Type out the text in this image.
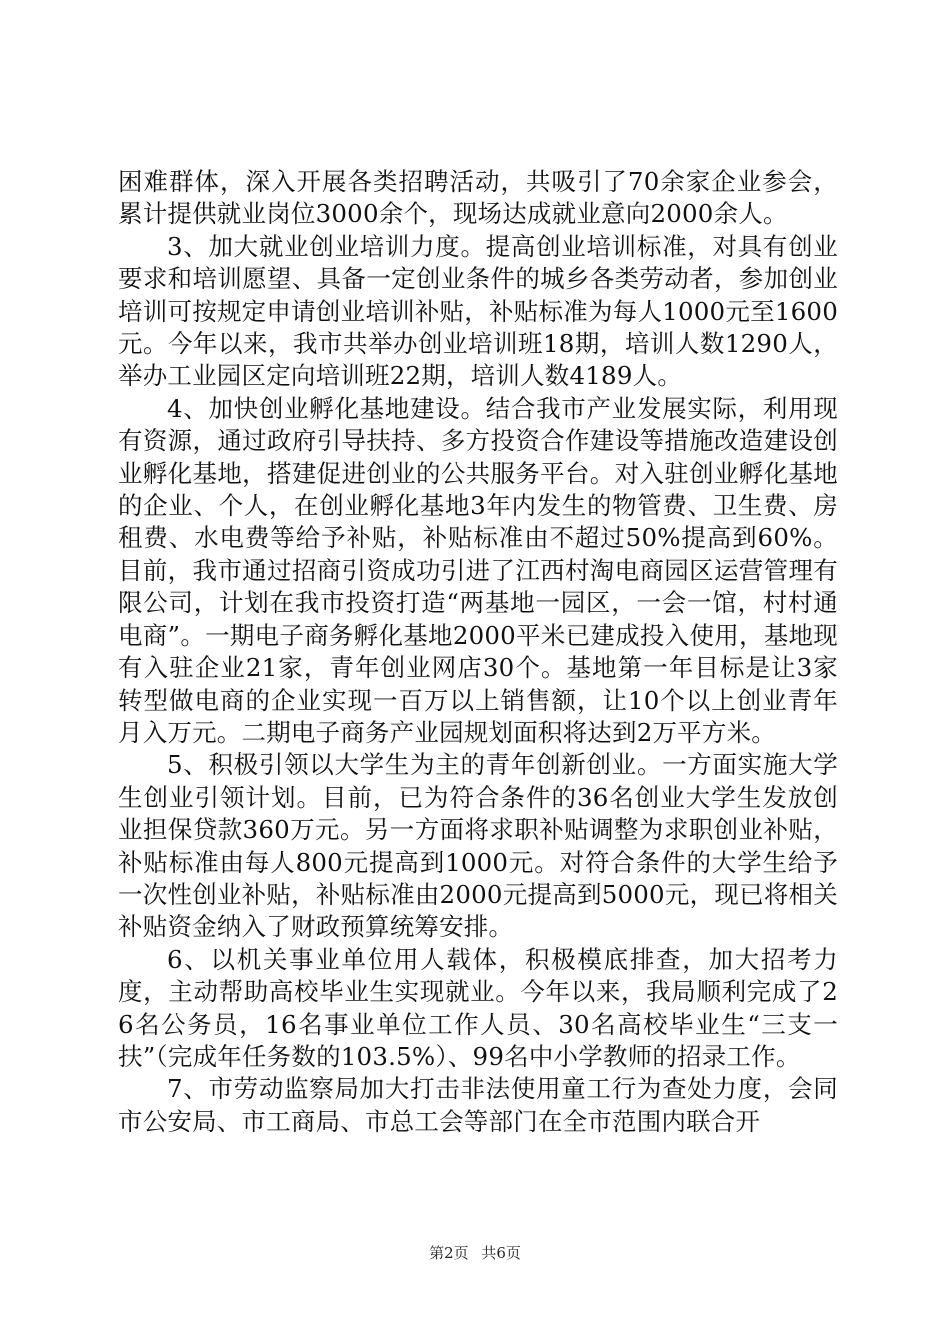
困难群体，深入开展各类招聘活动，共吸引了70余家企业参会，累计提供就业岗位3000余个，现场达成就业意向2000余人。

3、加大就业创业培训力度。提高创业培训标准，对具有创业要求和培训愿望、具备一定创业条件的城乡各类劳动者，参加创业培训可按规定申请创业培训补贴，补贴标准为每人1000元至1600元。今年以来，我市共举办创业培训班18期，培训人数1290人，举办工业园区定向培训班22期，培训人数4189人。

4、加快创业孵化基地建设。结合我市产业发展实际，利用现有资源，通过政府引导扶持、多方投资合作建设等措施改造建设创业孵化基地，搭建促进创业的公共服务平台。对入驻创业孵化基地的企业、个人，在创业孵化基地3年内发生的物管费、卫生费、房租费、水电费等给予补贴，补贴标准由不超过50%提高到60%。目前，我市通过招商引资成功引进了江西村淘电商园区运营管理有限公司，计划在我市投资打造“两基地一园区，一会一馆，村村通电商”。一期电子商务孵化基地2000平米已建成投入使用，基地现有入驻企业21家，青年创业网店30个。基地第一年目标是让3家转型做电商的企业实现一百万以上销售额，让10个以上创业青年月入万元。二期电子商务产业园规划面积将达到2万平方米。

5、积极引领以大学生为主的青年创新创业。一方面实施大学生创业引领计划。目前，已为符合条件的36名创业大学生发放创业担保贷款360万元。另一方面将求职补贴调整为求职创业补贴，补贴标准由每人800元提高到1000元。对符合条件的大学生给予一次性创业补贴，补贴标准由2000元提高到5000元，现已将相关补贴资金纳入了财政预算统筹安排。

6、以机关事业单位用人载体，积极模底排查，加大招考力度，主动帮助高校毕业生实现就业。今年以来，我局顺利完成了26名公务员，16名事业单位工作人员、30名高校毕业生“三支一扶”（完成年任务数的103.5%）、99名中小学教师的招录工作。

7、市劳动监察局加大打击非法使用童工行为查处力度，会同市公安局、市工商局、市总工会等部门在全市范围内联合开

第2页 共6页
